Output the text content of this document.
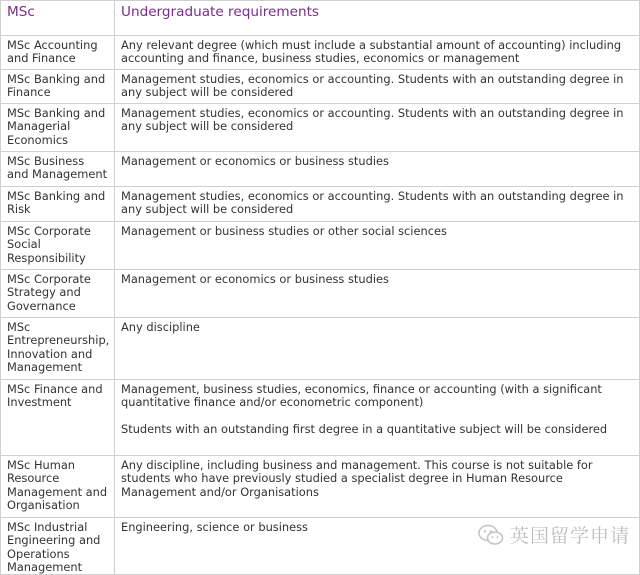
MSc	Undergraduate requirements

MSc Accounting and Finance	Any relevant degree (which must include a substantial amount of accounting) including accounting and finance, business studies, economics or management

MSc Banking and Finance	Management studies, economics or accounting. Students with an outstanding degree in any subject will be considered

MSc Banking and Managerial Economics	Management studies, economics or accounting. Students with an outstanding degree in any subject will be considered

MSc Business and Management	Management or economics or business studies

MSc Banking and Risk	Management studies, economics or accounting. Students with an outstanding degree in any subject will be considered

MSc Corporate Social Responsibility	Management or business studies or other social sciences

MSc Corporate Strategy and Governance	Management or economics or business studies

MSc Entrepreneurship, Innovation and Management	Any discipline

MSc Finance and Investment	Management, business studies, economics, finance or accounting (with a significant quantitative finance and/or econometric component)

Students with an outstanding first degree in a quantitative subject will be considered

MSc Human Resource Management and Organisation	Any discipline, including business and management. This course is not suitable for students who have previously studied a specialist degree in Human Resource Management and/or Organisations

MSc Industrial Engineering and Operations Management	Engineering, science or business	英国留学申请
